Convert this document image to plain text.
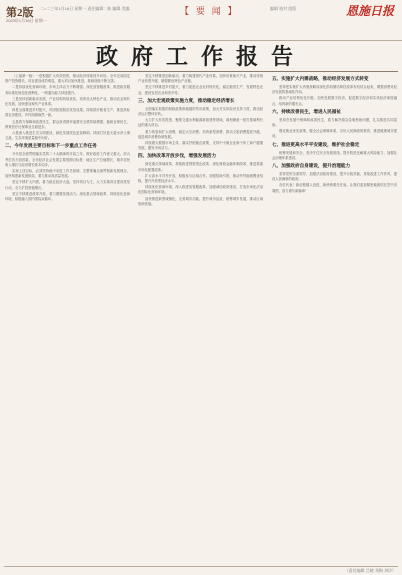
第2版
2023年1月16日 星期一
二○二三年1月16日 星期一 责任编辑：陈 编辑 美编	【 要 闻 】	编辑 校对 组版	恩施日报
政府工作报告

（上接第一版）一是积极扩大有效投资，推动经济持续回升向好。全年完成固定资产投资增长，项目建设成效明显，重大项目加快推进，基础设施不断完善。

二是持续优化营商环境，市场主体活力不断增强。深化放管服改革，推进政务服务标准化规范化便利化，一网通办能力持续提升。

三是坚持创新驱动发展，产业结构持续优化。培育壮大特色产业，推动农业现代化发展，加快建设现代产业体系。

四是全面推进乡村振兴，巩固拓展脱贫攻坚成果。持续抓好粮食生产，推进高标准农田建设，乡村面貌焕然一新。

五是着力保障和改善民生，群众获得感幸福感安全感持续增强。稳就业保民生，教育医疗社保事业全面进步。

六是深入推进生态文明建设，绿色发展底色更加鲜明。持续打好蓝天碧水净土保卫战，生态环境质量稳中向好。

二、今年发展主要目标和下一步重点工作任务

今年是全面贯彻落实党的二十大精神的开局之年，做好政府工作意义重大。综合考虑各方面因素，全市经济社会发展主要预期目标是：地区生产总值增长，城乡居民收入增长与经济增长基本同步。

实现上述目标，必须坚持稳中求进工作总基调，完整准确全面贯彻新发展理念，加快构建新发展格局，着力推动高质量发展。

坚定不移扩大内需，着力稳住经济大盘。坚持项目为王，大力实施项目建设攻坚行动，全力扩投资稳增长。

坚定不移推进改革开放，着力增强发展动力。深化重点领域改革，持续优化营商环境，积极融入国内国际双循环。

坚定不移推进创新驱动，着力构建现代产业体系。加快培育新兴产业，推动传统产业转型升级，做强做优特色产业链。

坚定不移推进乡村振兴，着力促进农业农村现代化。稳定粮食生产，发展特色农业，建设宜居宜业和美乡村。

三、加大宏观政策实施力度，推动稳定经济增长

全面落实积极的财政政策和稳健的货币政策，加大对实体经济支持力度，推动经济运行整体好转。

大力扩大有效投资，聚焦交通水利能源新基建等领域，谋划储备一批打基础利长远的重大项目。

着力恢复和扩大消费，稳定大宗消费，培育新型消费，推动文旅消费提质升级，促进城乡消费协调发展。

持续做大做强市场主体，落实纾困惠企政策，支持中小微企业和个体工商户健康发展，激发市场活力。

四、加快改革开放步伐，增强发展活力

深化重点领域改革，持续推进国资国企改革，深化财税金融体制改革，推进要素市场化配置改革。

扩大高水平对外开放，积极参与区域合作，加强招商引资，推动外贸稳规模优结构，提升开放型经济水平。

持续优化营商环境，深入推进放管服改革，加强诚信政府建设，打造市场化法治化国际化营商环境。

加快推进新型城镇化，完善城市功能，提升城市品质，统筹城乡发展，推动区域协调发展。

五、实施扩大内需战略，推动经济发展方式转变

坚持把实施扩大内需战略同深化供给侧结构性改革有机结合起来，增强消费对经济发展的基础性作用。

推动产业结构优化升级，加快发展数字经济，促进数字经济和实体经济深度融合，培育新的增长点。

六、持续改善民生，增进人民福祉

坚持在发展中保障和改善民生，着力解决群众急难愁盼问题，扎实推进共同富裕。

强化就业优先政策，健全社会保障体系，办好人民满意的教育，推进健康城市建设。

七、推进更高水平平安建设，维护社会稳定

统筹发展和安全，坚决守住安全发展底线，提升防范化解重大风险能力，加强社会治理体系建设。

八、加强政府自身建设，提升治理能力

坚持党的全面领导，加强法治政府建设，提升行政效能，持续改进工作作风，建设人民满意的政府。

各位代表！新征程催人奋进，新使命重任在肩。让我们更加紧密地团结在党中央周围，奋力谱写新篇章！

（责任编辑 吕晓 邓梅 刘玲）
